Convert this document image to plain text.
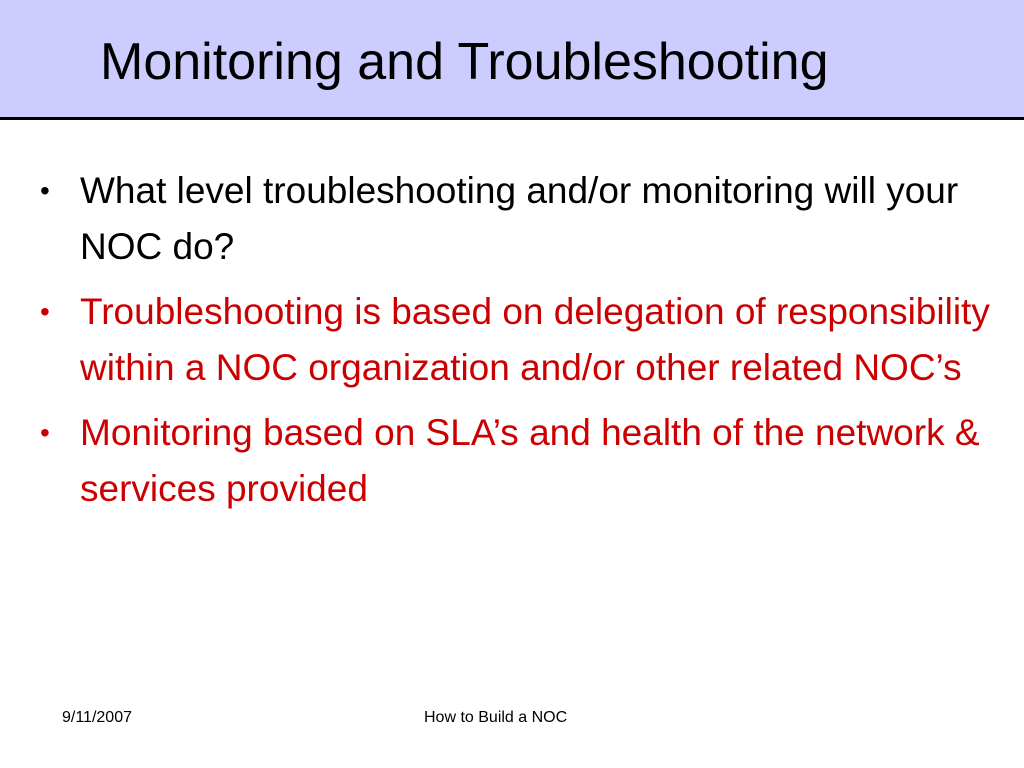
Monitoring and Troubleshooting
• What level troubleshooting and/or monitoring will your NOC do?
• Troubleshooting is based on delegation of responsibility within a NOC organization and/or other related NOC’s
• Monitoring based on SLA’s and health of the network & services provided
9/11/2007	How to Build a NOC
